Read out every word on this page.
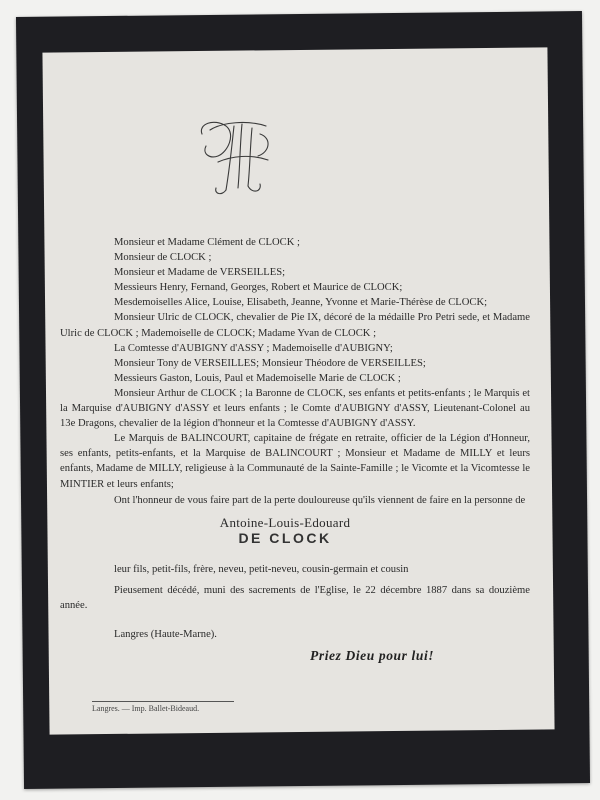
Monsieur et Madame Clément de CLOCK ;

Monsieur de CLOCK ;

Monsieur et Madame de VERSEILLES;

Messieurs Henry, Fernand, Georges, Robert et Maurice de CLOCK;

Mesdemoiselles Alice, Louise, Elisabeth, Jeanne, Yvonne et Marie-Thérèse de CLOCK;

Monsieur Ulric de CLOCK, chevalier de Pie IX, décoré de la médaille Pro Petri sede, et Madame Ulric de CLOCK ; Mademoiselle de CLOCK; Madame Yvan de CLOCK ;

La Comtesse d'AUBIGNY d'ASSY ; Mademoiselle d'AUBIGNY;

Monsieur Tony de VERSEILLES; Monsieur Théodore de VERSEILLES;

Messieurs Gaston, Louis, Paul et Mademoiselle Marie de CLOCK ;

Monsieur Arthur de CLOCK ; la Baronne de CLOCK, ses enfants et petits-enfants ; le Marquis et la Marquise d'AUBIGNY d'ASSY et leurs enfants ; le Comte d'AUBIGNY d'ASSY, Lieutenant-Colonel au 13e Dragons, chevalier de la légion d'honneur et la Comtesse d'AUBIGNY d'ASSY.

Le Marquis de BALINCOURT, capitaine de frégate en retraite, officier de la Légion d'Honneur, ses enfants, petits-enfants, et la Marquise de BALINCOURT ; Monsieur et Madame de MILLY et leurs enfants, Madame de MILLY, religieuse à la Communauté de la Sainte-Famille ; le Vicomte et la Vicomtesse le MINTIER et leurs enfants;

Ont l'honneur de vous faire part de la perte douloureuse qu'ils viennent de faire en la personne de

Antoine-Louis-Edouard
DE CLOCK

leur fils, petit-fils, frère, neveu, petit-neveu, cousin-germain et cousin

Pieusement décédé, muni des sacrements de l'Eglise, le 22 décembre 1887 dans sa douzième année.

Langres (Haute-Marne).

Priez Dieu pour lui!
Langres. — Imp. Ballet-Bideaud.
